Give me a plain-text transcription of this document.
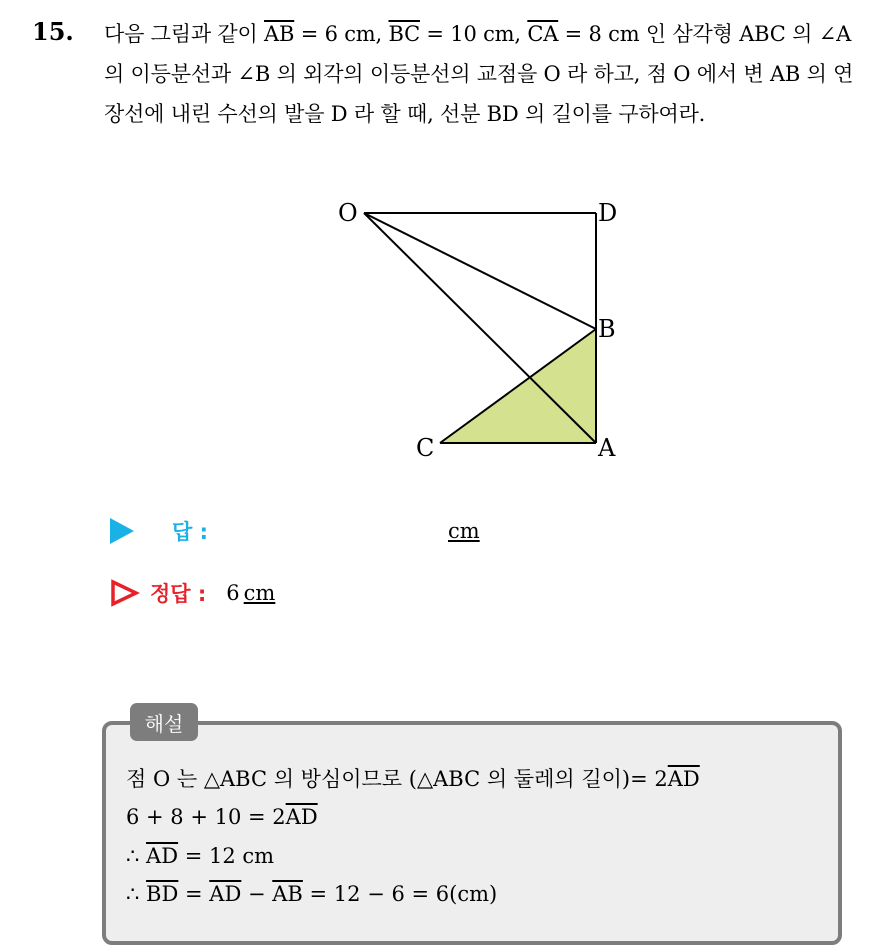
15. 다음 그림과 같이 $\overline{AB} = 6$ cm, $\overline{BC} = 10$ cm, $\overline{CA} = 8$ cm 인 삼각형 ABC 의 ∠A 의 이등분선과 ∠B 의 외각의 이등분선의 교점을 O 라 하고, 점 O 에서 변 AB 의 연장선에 내린 수선의 발을 D 라 할 때, 선분 BD 의 길이를 구하여라.
O	D
B
C	A
답 :	cm
정답 : 6 cm
해설
점 O 는 △ABC 의 방심이므로 (△ABC 의 둘레의 길이)= $2\overline{AD}$
$6 + 8 + 10 = 2\overline{AD}$
∴ $\overline{AD} = 12$ cm
∴ $\overline{BD} = \overline{AD} - \overline{AB} = 12 - 6 = 6(cm)$
